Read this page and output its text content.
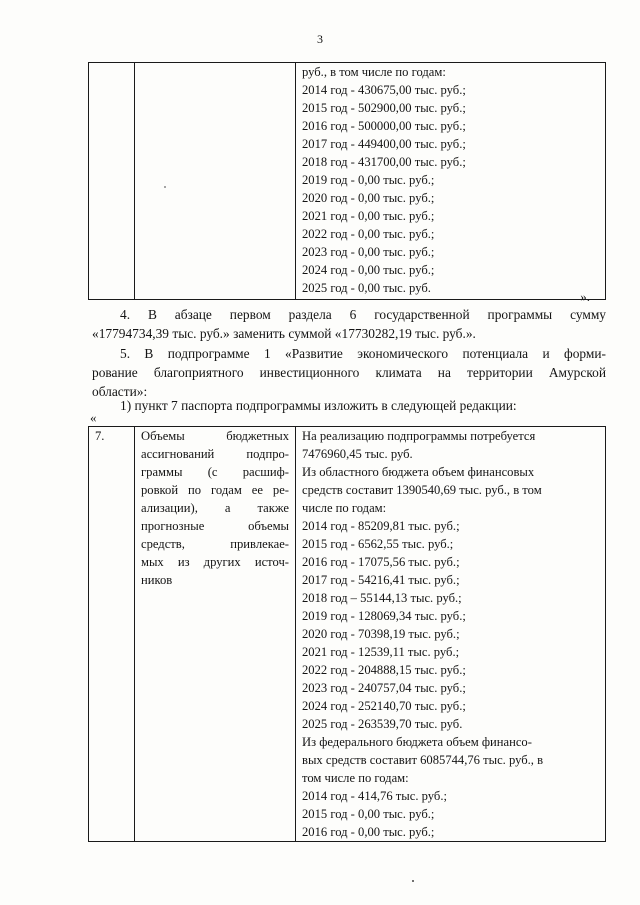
3

руб., в том числе по годам:
2014 год - 430675,00 тыс. руб.;
2015 год - 502900,00 тыс. руб.;
2016 год - 500000,00 тыс. руб.;
2017 год - 449400,00 тыс. руб.;
2018 год - 431700,00 тыс. руб.;
2019 год - 0,00 тыс. руб.;
2020 год - 0,00 тыс. руб.;
2021 год - 0,00 тыс. руб.;
2022 год - 0,00 тыс. руб.;
2023 год - 0,00 тыс. руб.;
2024 год - 0,00 тыс. руб.;
2025 год - 0,00 тыс. руб.
».
4. В абзаце первом раздела 6 государственной программы сумму
«17794734,39 тыс. руб.» заменить суммой «17730282,19 тыс. руб.».
5. В подпрограмме 1 «Развитие экономического потенциала и форми-
рование благоприятного инвестиционного климата на территории Амурской
области»:
1) пункт 7 паспорта подпрограммы изложить в следующей редакции:
«
7.	Объемы бюджетных
ассигнований подпро-
граммы (с расшиф-
ровкой по годам ее ре-
ализации), а также
прогнозные объемы
средств, привлекае-
мых из других источ-
ников

На реализацию подпрограммы потребуется
7476960,45 тыс. руб.
Из областного бюджета объем финансовых
средств составит 1390540,69 тыс. руб., в том
числе по годам:
2014 год - 85209,81 тыс. руб.;
2015 год - 6562,55 тыс. руб.;
2016 год - 17075,56 тыс. руб.;
2017 год - 54216,41 тыс. руб.;
2018 год – 55144,13 тыс. руб.;
2019 год - 128069,34 тыс. руб.;
2020 год - 70398,19 тыс. руб.;
2021 год - 12539,11 тыс. руб.;
2022 год - 204888,15 тыс. руб.;
2023 год - 240757,04 тыс. руб.;
2024 год - 252140,70 тыс. руб.;
2025 год - 263539,70 тыс. руб.
Из федерального бюджета объем финансо-
вых средств составит 6085744,76 тыс. руб., в
том числе по годам:
2014 год - 414,76 тыс. руб.;
2015 год - 0,00 тыс. руб.;
2016 год - 0,00 тыс. руб.;
